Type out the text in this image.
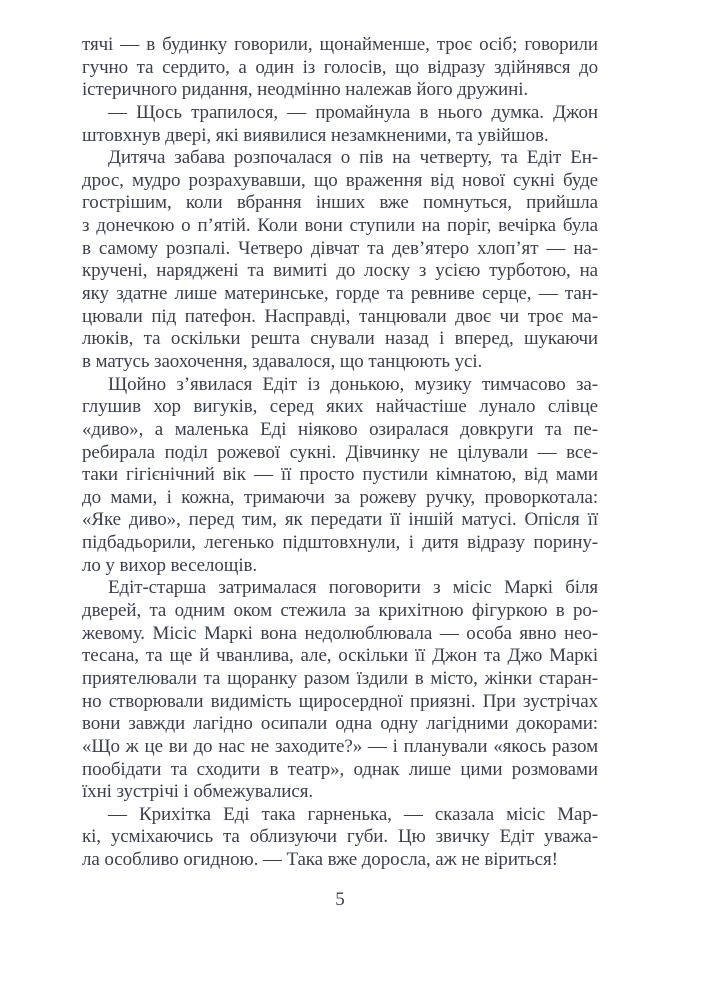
тячі — в будинку говорили, щонайменше, троє осіб; говорили
гучно та сердито, а один із голосів, що відразу здійнявся до
істеричного ридання, неодмінно належав його дружині.
— Щось трапилося, — промайнула в нього думка. Джон
штовхнув двері, які виявилися незамкненими, та увійшов.
Дитяча забава розпочалася о пів на четверту, та Едіт Ен-
дрос, мудро розрахувавши, що враження від нової сукні буде
гострішим, коли вбрання інших вже помнуться, прийшла
з донечкою о п’ятій. Коли вони ступили на поріг, вечірка була
в самому розпалі. Четверо дівчат та дев’ятеро хлоп’ят — на-
кручені, наряджені та вимиті до лоску з усією турботою, на
яку здатне лише материнське, горде та ревниве серце, — тан-
цювали під патефон. Насправді, танцювали двоє чи троє ма-
люків, та оскільки решта снували назад і вперед, шукаючи
в матусь заохочення, здавалося, що танцюють усі.
Щойно з’явилася Едіт із донькою, музику тимчасово за-
глушив хор вигуків, серед яких найчастіше лунало слівце
«диво», а маленька Еді ніяково озиралася довкруги та пе-
ребирала поділ рожевої сукні. Дівчинку не цілували — все-
таки гігієнічний вік — її просто пустили кімнатою, від мами
до мами, і кожна, тримаючи за рожеву ручку, проворкотала:
«Яке диво», перед тим, як передати її іншій матусі. Опісля її
підбадьорили, легенько підштовхнули, і дитя відразу порину-
ло у вихор веселощів.
Едіт-старша затрималася поговорити з місіс Маркі біля
дверей, та одним оком стежила за крихітною фігуркою в ро-
жевому. Місіс Маркі вона недолюблювала — особа явно нео-
тесана, та ще й чванлива, але, оскільки її Джон та Джо Маркі
приятелювали та щоранку разом їздили в місто, жінки старан-
но створювали видимість щиросердної приязні. При зустрічах
вони завжди лагідно осипали одна одну лагідними докорами:
«Що ж це ви до нас не заходите?» — і планували «якось разом
пообідати та сходити в театр», однак лише цими розмовами
їхні зустрічі і обмежувалися.
— Крихітка Еді така гарненька, — сказала місіс Мар-
кі, усміхаючись та облизуючи губи. Цю звичку Едіт уважа-
ла особливо огидною. — Така вже доросла, аж не віриться!
5
